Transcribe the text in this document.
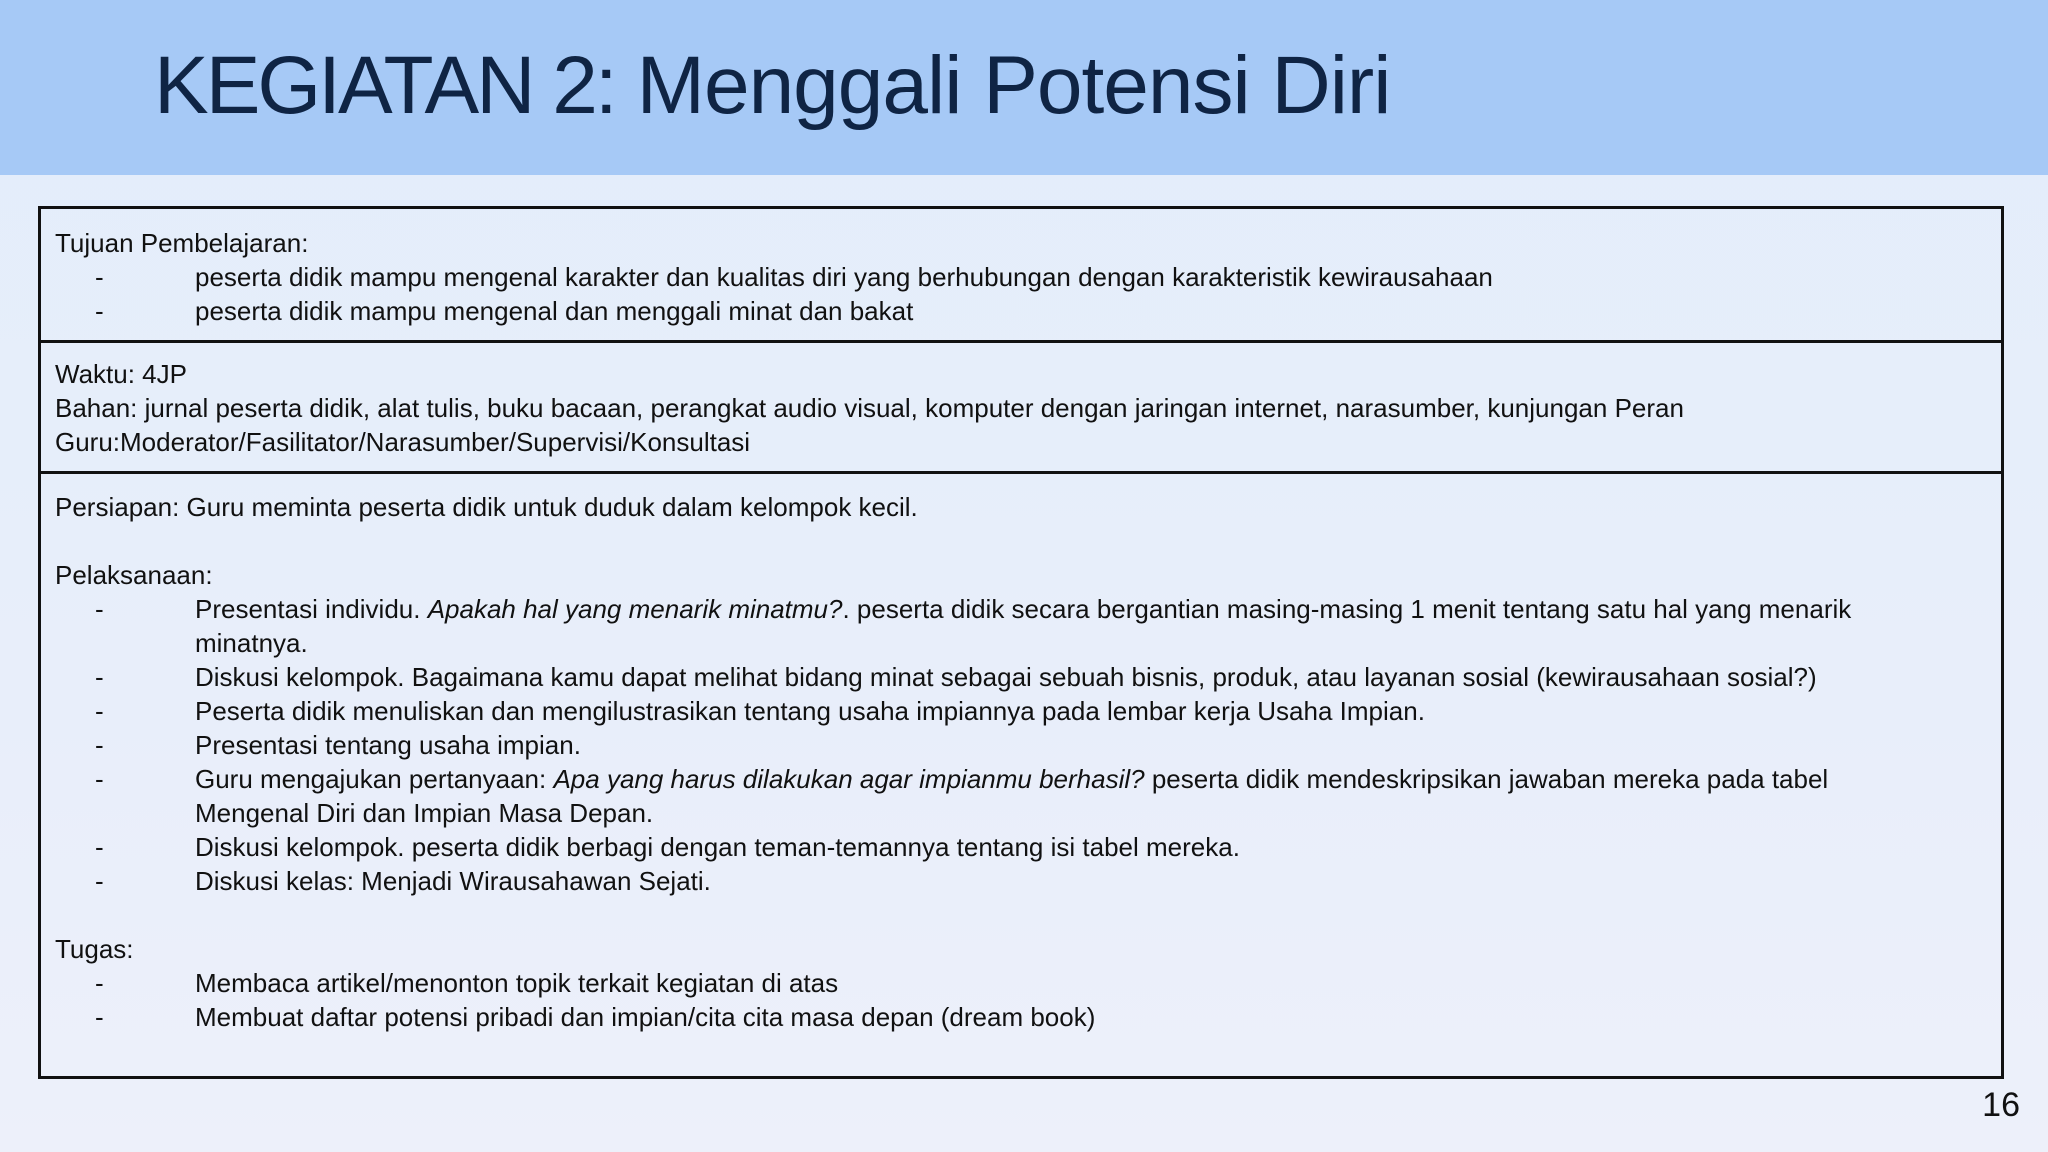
KEGIATAN 2: Menggali Potensi Diri
Tujuan Pembelajaran:
-	peserta didik mampu mengenal karakter dan kualitas diri yang berhubungan dengan karakteristik kewirausahaan
-	peserta didik mampu mengenal dan menggali minat dan bakat
Waktu: 4JP
Bahan: jurnal peserta didik, alat tulis, buku bacaan, perangkat audio visual, komputer dengan jaringan internet, narasumber, kunjungan Peran
Guru:Moderator/Fasilitator/Narasumber/Supervisi/Konsultasi
Persiapan: Guru meminta peserta didik untuk duduk dalam kelompok kecil.
Pelaksanaan:
-	Presentasi individu. Apakah hal yang menarik minatmu?. peserta didik secara bergantian masing-masing 1 menit tentang satu hal yang menarik minatnya.
-	Diskusi kelompok. Bagaimana kamu dapat melihat bidang minat sebagai sebuah bisnis, produk, atau layanan sosial (kewirausahaan sosial?)
-	Peserta didik menuliskan dan mengilustrasikan tentang usaha impiannya pada lembar kerja Usaha Impian.
-	Presentasi tentang usaha impian.
-	Guru mengajukan pertanyaan: Apa yang harus dilakukan agar impianmu berhasil? peserta didik mendeskripsikan jawaban mereka pada tabel Mengenal Diri dan Impian Masa Depan.
-	Diskusi kelompok. peserta didik berbagi dengan teman-temannya tentang isi tabel mereka.
-	Diskusi kelas: Menjadi Wirausahawan Sejati.
Tugas:
-	Membaca artikel/menonton topik terkait kegiatan di atas
-	Membuat daftar potensi pribadi dan impian/cita cita masa depan (dream book)
16
